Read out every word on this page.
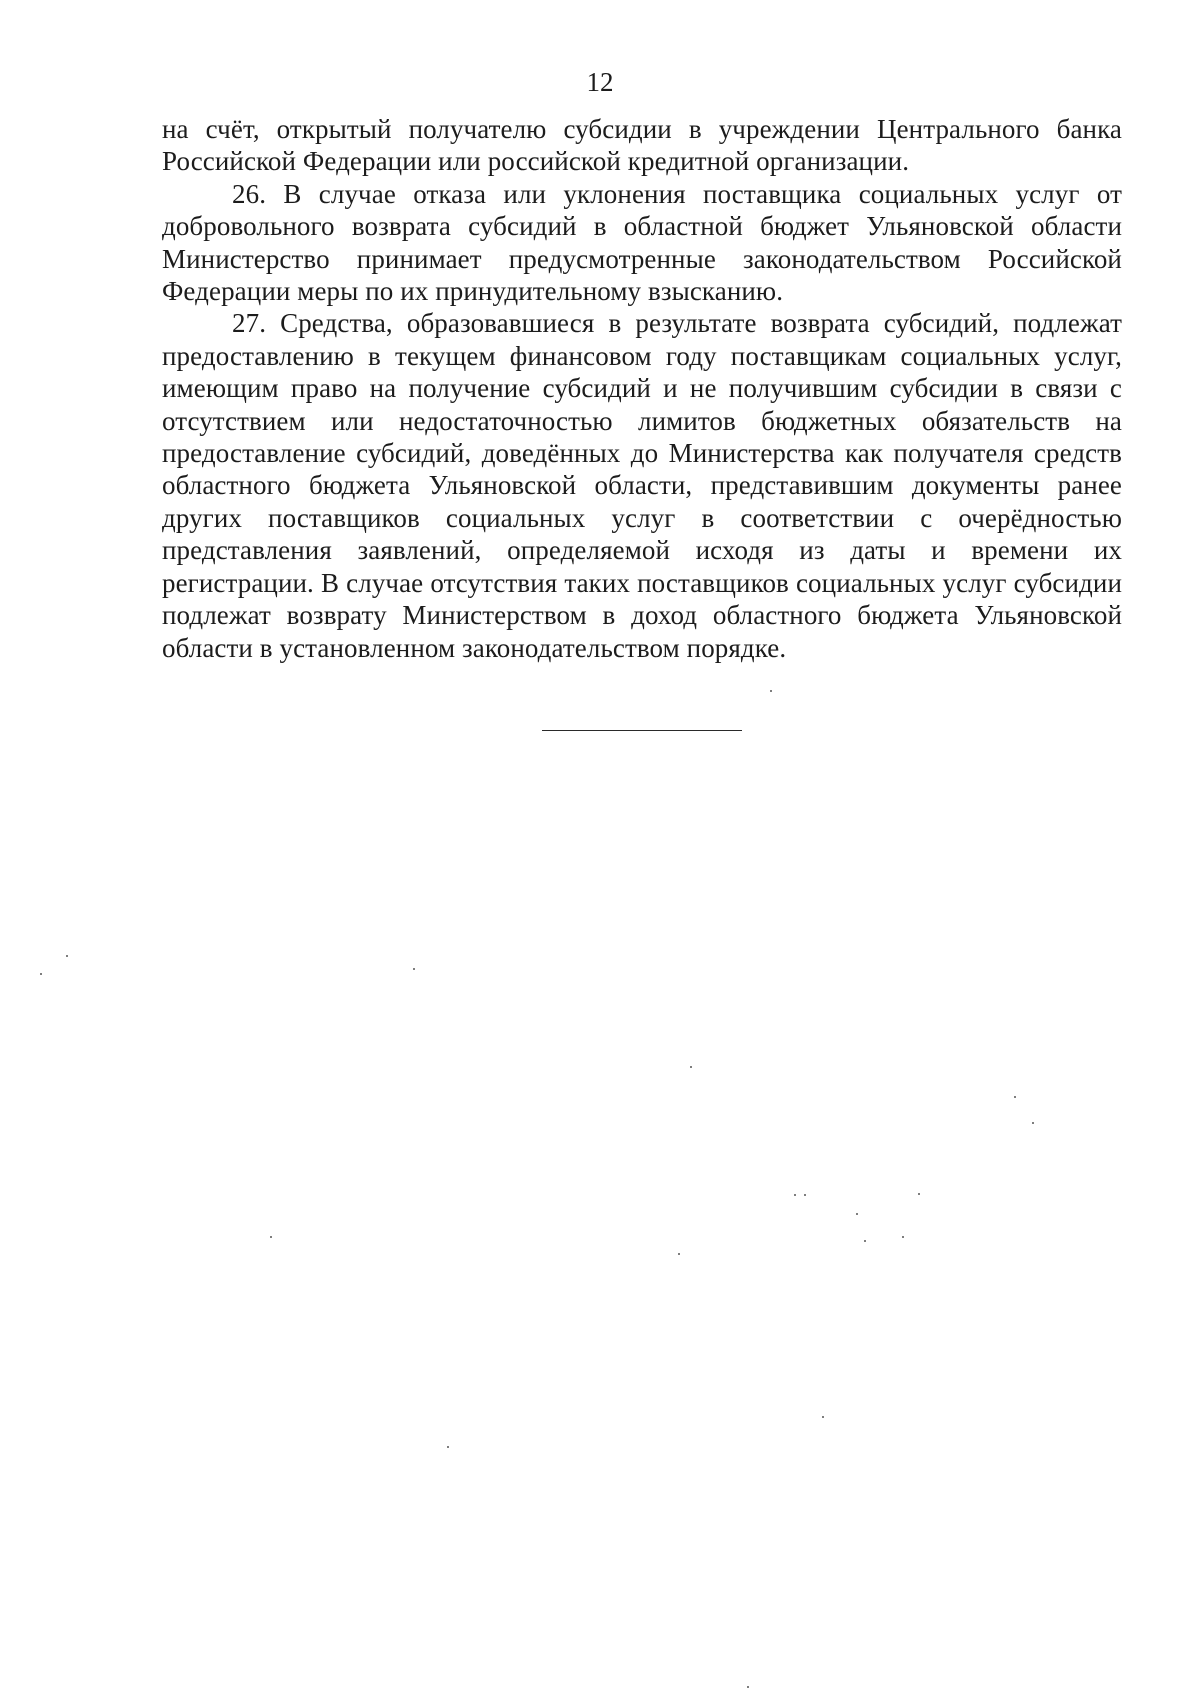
12

на счёт, открытый получателю субсидии в учреждении Центрального банка Российской Федерации или российской кредитной организации.

26. В случае отказа или уклонения поставщика социальных услуг от добровольного возврата субсидий в областной бюджет Ульяновской области Министерство принимает предусмотренные законодательством Российской Федерации меры по их принудительному взысканию.

27. Средства, образовавшиеся в результате возврата субсидий, подлежат предоставлению в текущем финансовом году поставщикам социальных услуг, имеющим право на получение субсидий и не получившим субсидии в связи с отсутствием или недостаточностью лимитов бюджетных обязательств на предоставление субсидий, доведённых до Министерства как получателя средств областного бюджета Ульяновской области, представившим документы ранее других поставщиков социальных услуг в соответствии с очерёдностью представления заявлений, определяемой исходя из даты и времени их регистрации. В случае отсутствия таких поставщиков социальных услуг субсидии подлежат возврату Министерством в доход областного бюджета Ульяновской области в установленном законодательством порядке.
